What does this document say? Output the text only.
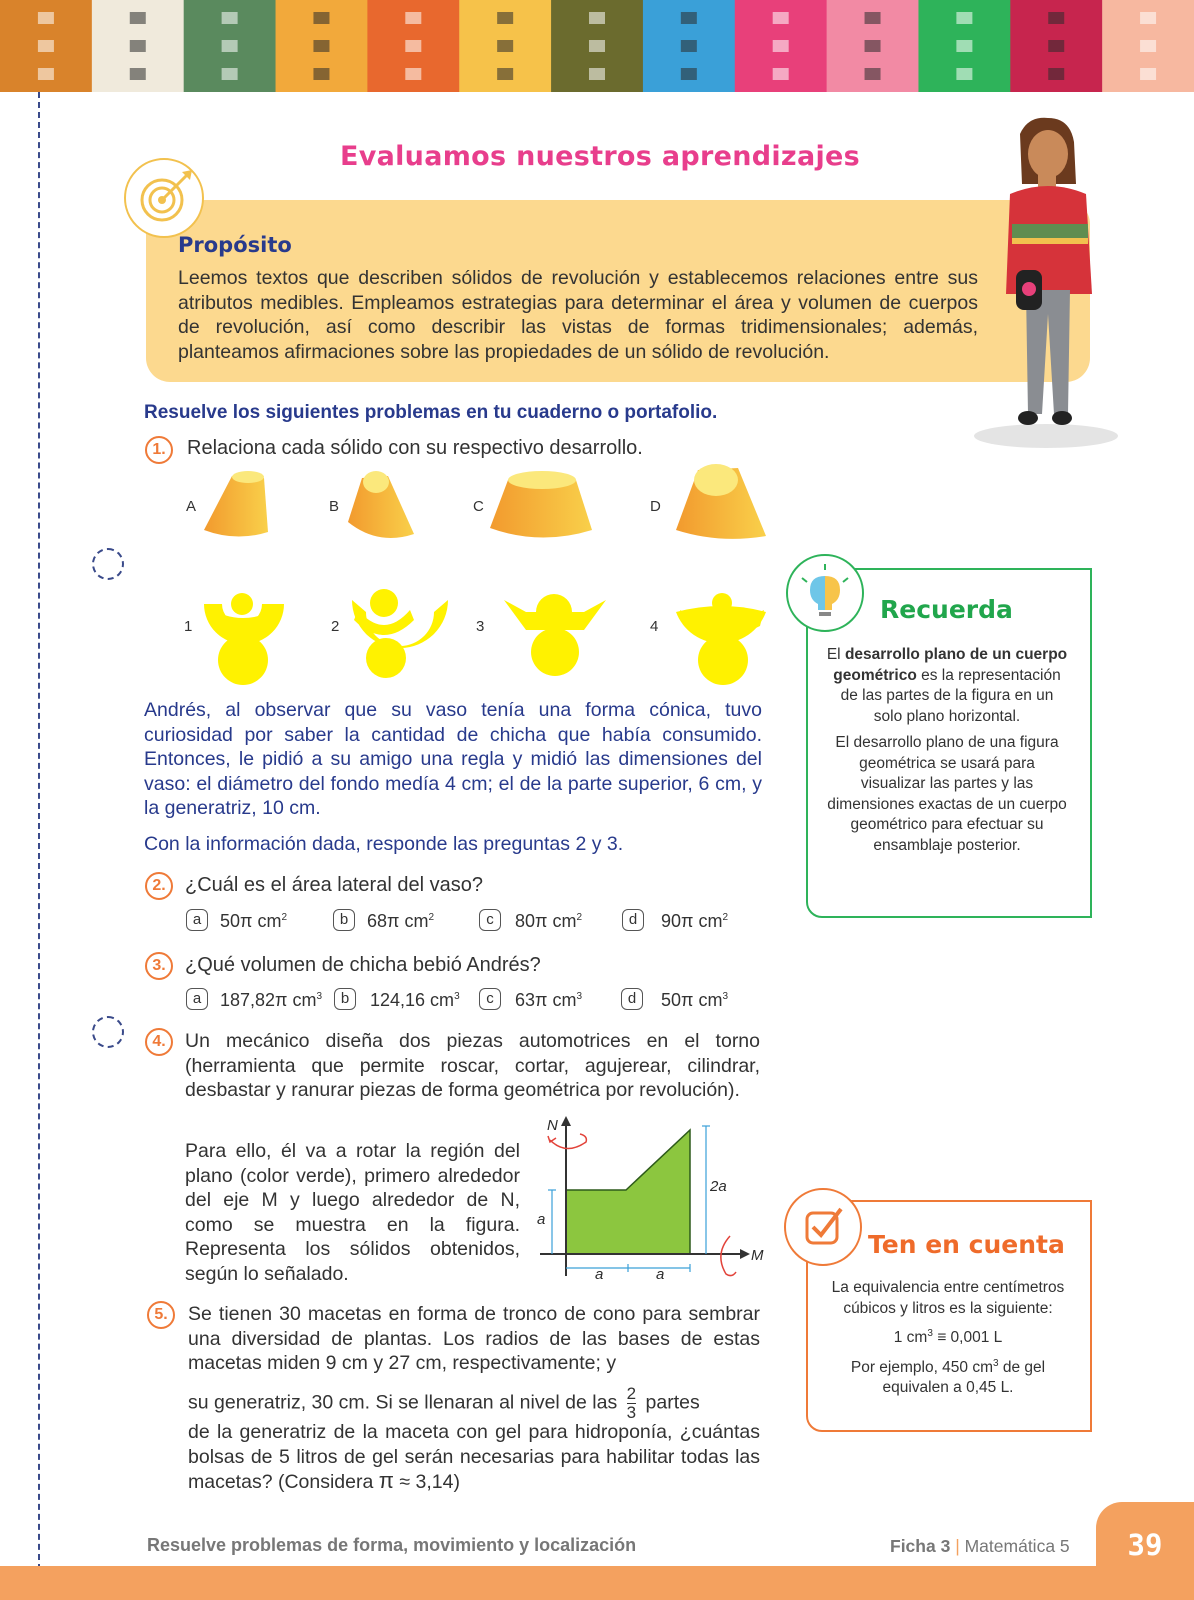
Evaluamos nuestros aprendizajes
Propósito
Leemos textos que describen sólidos de revolución y establecemos relaciones entre sus atributos medibles. Empleamos estrategias para determinar el área y volumen de cuerpos de revolución, así como describir las vistas de formas tridimensionales; además, planteamos afirmaciones sobre las propiedades de un sólido de revolución.
Resuelve los siguientes problemas en tu cuaderno o portafolio.
1.	Relaciona cada sólido con su respectivo desarrollo.
A	B	C	D
1	2	3	4
Andrés, al observar que su vaso tenía una forma cónica, tuvo curiosidad por saber la cantidad de chicha que había consumido. Entonces, le pidió a su amigo una regla y midió las dimensiones del vaso: el diámetro del fondo medía 4 cm; el de la parte superior, 6 cm, y la generatriz, 10 cm.
Con la información dada, responde las preguntas 2 y 3.
2. ¿Cuál es el área lateral del vaso?
a	50π $cm^2$	b	68π $cm^2$	c	80π $cm^2$	d	90π $cm^2$
3. ¿Qué volumen de chicha bebió Andrés?
a	187,82π $cm^3$	b	124,16 $cm^3$	c	63π $cm^3$	d	50π $cm^3$
4. Un mecánico diseña dos piezas automotrices en el torno (herramienta que permite roscar, cortar, agujerear, cilindrar, desbastar y ranurar piezas de forma geométrica por revolución).
Para ello, él va a rotar la región del plano (color verde), primero alrededor del eje M y luego alrededor de N, como se muestra en la figura. Representa los sólidos obtenidos, según lo señalado.
N
M
a
2a
a	a
5.	Se tienen 30 macetas en forma de tronco de cono para sembrar una diversidad de plantas. Los radios de las bases de estas macetas miden 9 cm y 27 cm, respectivamente; y
su generatriz, 30 cm. Si se llenaran al nivel de las $\frac{2}{3}$ partes
de la generatriz de la maceta con gel para hidroponía, ¿cuántas bolsas de 5 litros de gel serán necesarias para habilitar todas las macetas? (Considera π ≈ 3,14)
Recuerda
El desarrollo plano de un cuerpo geométrico es la representación de las partes de la figura en un solo plano horizontal.
El desarrollo plano de una figura geométrica se usará para visualizar las partes y las dimensiones exactas de un cuerpo geométrico para efectuar su ensamblaje posterior.
Ten en cuenta
La equivalencia entre centímetros cúbicos y litros es la siguiente:
1 $cm^3 \equiv 0,001$ L
Por ejemplo, 450 $cm^3$ de gel equivalen a 0,45 L.
39
Resuelve problemas de forma, movimiento y localización	Ficha 3 | Matemática 5
